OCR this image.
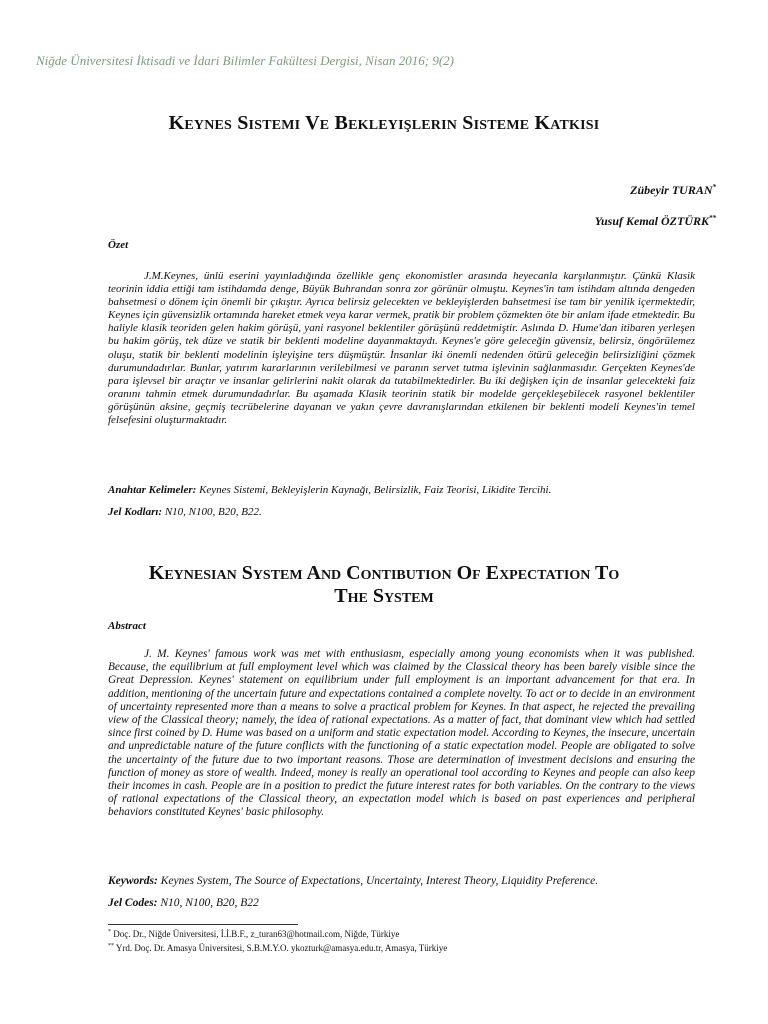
Niğde Üniversitesi İktisadi ve İdari Bilimler Fakültesi Dergisi, Nisan 2016; 9(2)
Keynes Sistemi Ve Bekleyişlerin Sisteme Katkısı
Zübeyir TURAN*
Yusuf Kemal ÖZTÜRK**
Özet
J.M.Keynes, ünlü eserini yayınladığında özellikle genç ekonomistler arasında heyecanla karşılanmıştır. Çünkü Klasik teorinin iddia ettiği tam istihdamda denge, Büyük Buhrandan sonra zor görünür olmuştu. Keynes'in tam istihdam altında dengeden bahsetmesi o dönem için önemli bir çıkıştır. Ayrıca belirsiz gelecekten ve bekleyişlerden bahsetmesi ise tam bir yenilik içermektedir, Keynes için güvensizlik ortamında hareket etmek veya karar vermek, pratik bir problem çözmekten öte bir anlam ifade etmektedir. Bu haliyle klasik teoriden gelen hakim görüşü, yani rasyonel beklentiler görüşünü reddetmiştir. Aslında D. Hume'dan itibaren yerleşen bu hakim görüş, tek düze ve statik bir beklenti modeline dayanmaktaydı. Keynes'e göre geleceğin güvensiz, belirsiz, öngörülemez oluşu, statik bir beklenti modelinin işleyişine ters düşmüştür. İnsanlar iki önemli nedenden ötürü geleceğin belirsizliğini çözmek durumundadırlar. Bunlar, yatırım kararlarının verilebilmesi ve paranın servet tutma işlevinin sağlanmasıdır. Gerçekten Keynes'de para işlevsel bir araçtır ve insanlar gelirlerini nakit olarak da tutabilmektedirler. Bu iki değişken için de insanlar gelecekteki faiz oranını tahmin etmek durumundadırlar. Bu aşamada Klasik teorinin statik bir modelde gerçekleşebilecek rasyonel beklentiler görüşünün aksine, geçmiş tecrübelerine dayanan ve yakın çevre davranışlarından etkilenen bir beklenti modeli Keynes'in temel felsefesini oluşturmaktadır.
Anahtar Kelimeler: Keynes Sistemi, Bekleyişlerin Kaynağı, Belirsizlik, Faiz Teorisi, Likidite Tercihi.
Jel Kodları: N10, N100, B20, B22.
Keynesian System And Contibution Of Expectation To
The System
Abstract
J. M. Keynes' famous work was met with enthusiasm, especially among young economists when it was published. Because, the equilibrium at full employment level which was claimed by the Classical theory has been barely visible since the Great Depression. Keynes' statement on equilibrium under full employment is an important advancement for that era. In addition, mentioning of the uncertain future and expectations contained a complete novelty. To act or to decide in an environment of uncertainty represented more than a means to solve a practical problem for Keynes. In that aspect, he rejected the prevailing view of the Classical theory; namely, the idea of rational expectations. As a matter of fact, that dominant view which had settled since first coined by D. Hume was based on a uniform and static expectation model. According to Keynes, the insecure, uncertain and unpredictable nature of the future conflicts with the functioning of a static expectation model. People are obligated to solve the uncertainty of the future due to two important reasons. Those are determination of investment decisions and ensuring the function of money as store of wealth. Indeed, money is really an operational tool according to Keynes and people can also keep their incomes in cash. People are in a position to predict the future interest rates for both variables. On the contrary to the views of rational expectations of the Classical theory, an expectation model which is based on past experiences and peripheral behaviors constituted Keynes' basic philosophy.
Keywords: Keynes System, The Source of Expectations, Uncertainty, Interest Theory, Liquidity Preference.
Jel Codes: N10, N100, B20, B22
* Doç. Dr., Niğde Üniversitesi, İ.İ.B.F., z_turan63@hotmail.com, Niğde, Türkiye
** Yrd. Doç. Dr. Amasya Üniversitesi, S.B.M.Y.O. ykozturk@amasya.edu.tr, Amasya, Türkiye
